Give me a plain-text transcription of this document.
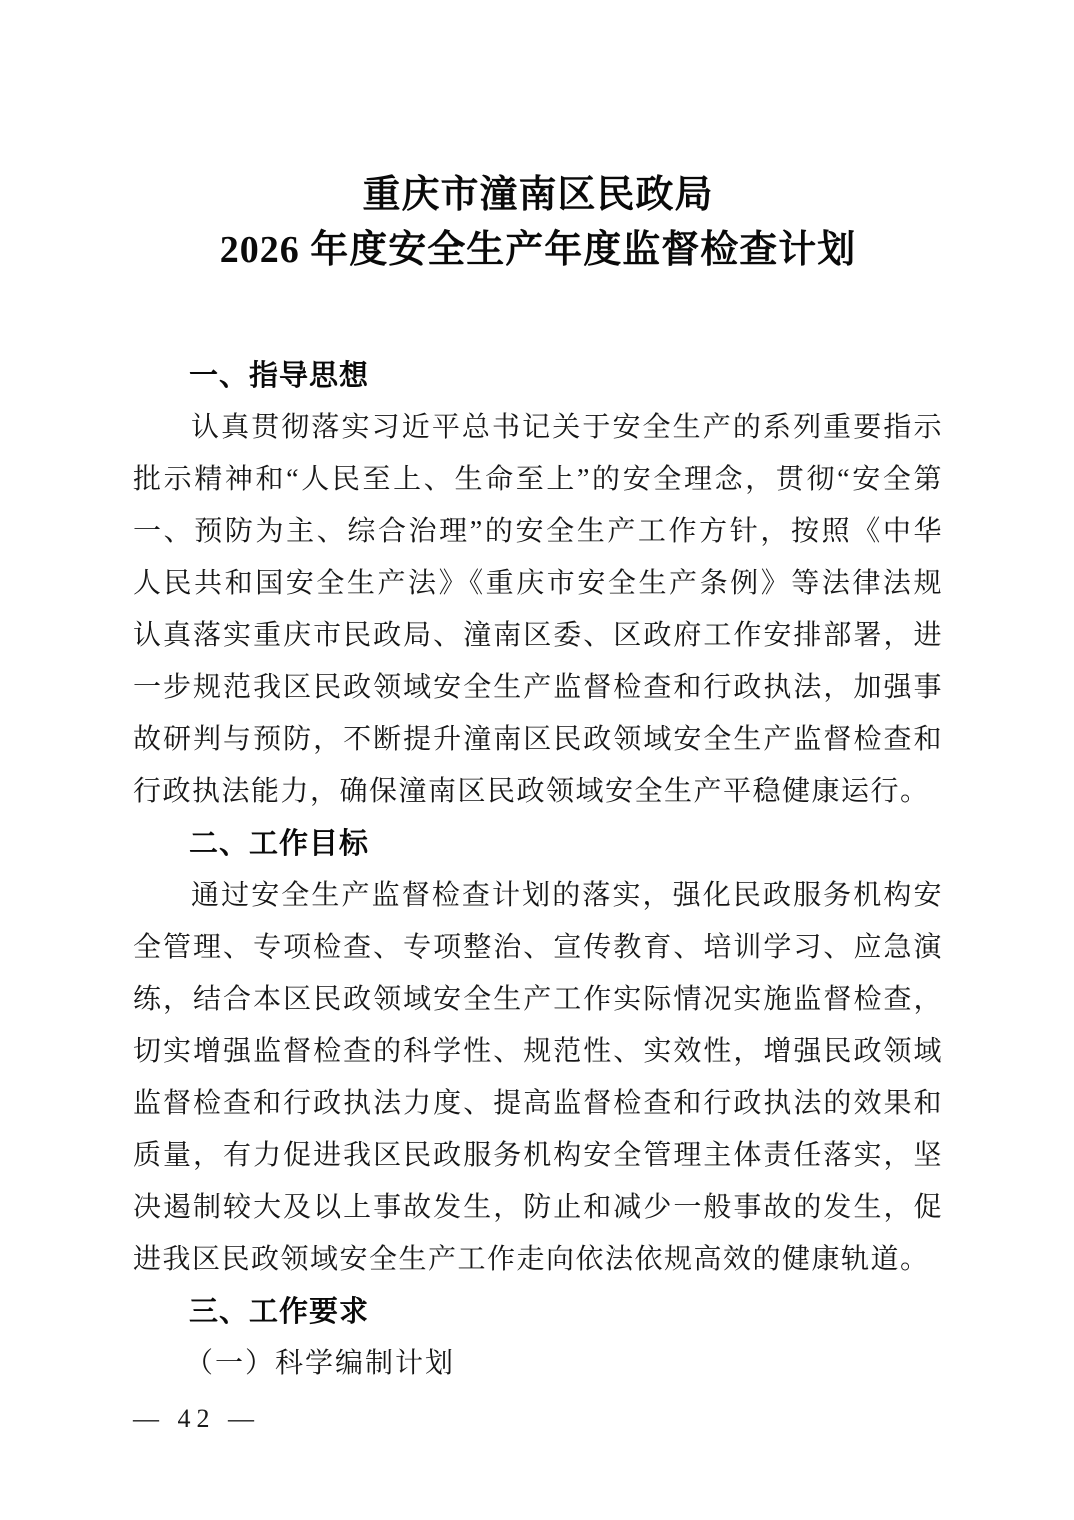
重庆市潼南区民政局
2026 年度安全生产年度监督检查计划
一、指导思想

认真贯彻落实习近平总书记关于安全生产的系列重要指示批示精神和“人民至上、生命至上”的安全理念，贯彻“安全第一、预防为主、综合治理”的安全生产工作方针，按照《中华人民共和国安全生产法》《重庆市安全生产条例》等法律法规认真落实重庆市民政局、潼南区委、区政府工作安排部署，进一步规范我区民政领域安全生产监督检查和行政执法，加强事故研判与预防，不断提升潼南区民政领域安全生产监督检查和行政执法能力，确保潼南区民政领域安全生产平稳健康运行。

二、工作目标

通过安全生产监督检查计划的落实，强化民政服务机构安全管理、专项检查、专项整治、宣传教育、培训学习、应急演练，结合本区民政领域安全生产工作实际情况实施监督检查，切实增强监督检查的科学性、规范性、实效性，增强民政领域监督检查和行政执法力度、提高监督检查和行政执法的效果和质量，有力促进我区民政服务机构安全管理主体责任落实，坚决遏制较大及以上事故发生，防止和减少一般事故的发生，促进我区民政领域安全生产工作走向依法依规高效的健康轨道。

三、工作要求

（一）科学编制计划

— 42 —
